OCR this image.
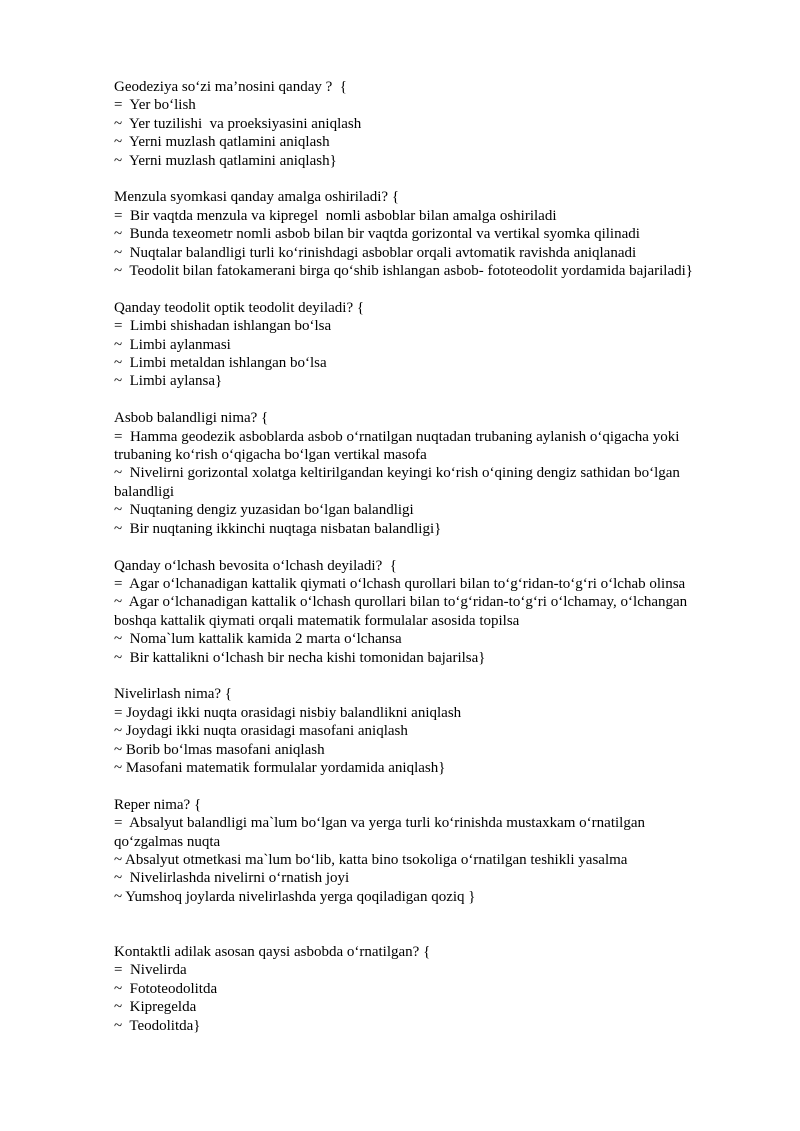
Geodeziya so‘zi ma’nosini qanday ?  {
=  Yer bo‘lish
~  Yer tuzilishi  va proeksiyasini aniqlash
~  Yerni muzlash qatlamini aniqlash
~  Yerni muzlash qatlamini aniqlash}
Menzula syomkasi qanday amalga oshiriladi? {
=  Bir vaqtda menzula va kipregel  nomli asboblar bilan amalga oshiriladi
~  Bunda texeometr nomli asbob bilan bir vaqtda gorizontal va vertikal syomka qilinadi
~  Nuqtalar balandligi turli ko‘rinishdagi asboblar orqali avtomatik ravishda aniqlanadi
~  Teodolit bilan fatokamerani birga qo‘shib ishlangan asbob- fototeodolit yordamida bajariladi}
Qanday teodolit optik teodolit deyiladi? {
=  Limbi shishadan ishlangan bo‘lsa
~  Limbi aylanmasi
~  Limbi metaldan ishlangan bo‘lsa
~  Limbi aylansa}
Asbob balandligi nima? {
=  Hamma geodezik asboblarda asbob o‘rnatilgan nuqtadan trubaning aylanish o‘qigacha yoki
trubaning ko‘rish o‘qigacha bo‘lgan vertikal masofa
~  Nivelirni gorizontal xolatga keltirilgandan keyingi ko‘rish o‘qining dengiz sathidan bo‘lgan
balandligi
~  Nuqtaning dengiz yuzasidan bo‘lgan balandligi
~  Bir nuqtaning ikkinchi nuqtaga nisbatan balandligi}
Qanday o‘lchash bevosita o‘lchash deyiladi?  {
=  Agar o‘lchanadigan kattalik qiymati o‘lchash qurollari bilan to‘g‘ridan-to‘g‘ri o‘lchab olinsa
~  Agar o‘lchanadigan kattalik o‘lchash qurollari bilan to‘g‘ridan-to‘g‘ri o‘lchamay, o‘lchangan
boshqa kattalik qiymati orqali matematik formulalar asosida topilsa
~  Noma`lum kattalik kamida 2 marta o‘lchansa
~  Bir kattalikni o‘lchash bir necha kishi tomonidan bajarilsa}
Nivelirlash nima? {
= Joydagi ikki nuqta orasidagi nisbiy balandlikni aniqlash
~ Joydagi ikki nuqta orasidagi masofani aniqlash
~ Borib bo‘lmas masofani aniqlash
~ Masofani matematik formulalar yordamida aniqlash}
Reper nima? {
=  Absalyut balandligi ma`lum bo‘lgan va yerga turli ko‘rinishda mustaxkam o‘rnatilgan
qo‘zgalmas nuqta
~ Absalyut otmetkasi ma`lum bo‘lib, katta bino tsokoliga o‘rnatilgan teshikli yasalma
~  Nivelirlashda nivelirni o‘rnatish joyi
~ Yumshoq joylarda nivelirlashda yerga qoqiladigan qoziq }
Kontaktli adilak asosan qaysi asbobda o‘rnatilgan? {
=  Nivelirda
~  Fototeodolitda
~  Kipregelda
~  Teodolitda}
